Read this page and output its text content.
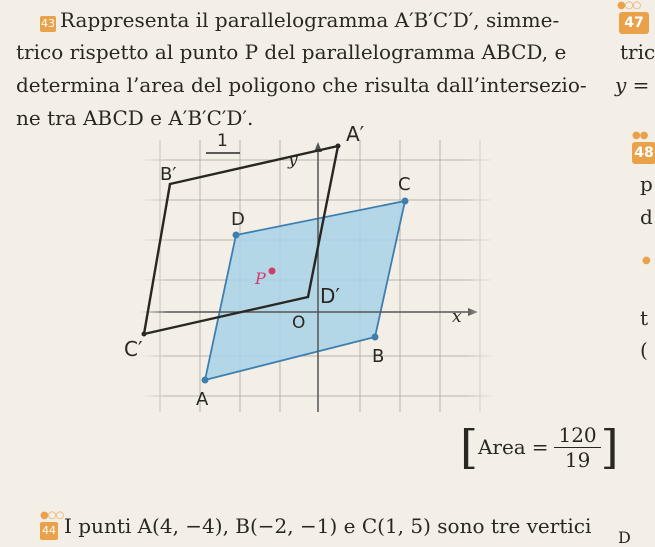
43 Rappresenta il parallelogramma A′B′C′D′, simme-
trico rispetto al punto P del parallelogramma ABCD, e
determina l’area del poligono che risulta dall’intersezio-
ne tra ABCD e A′B′C′D′.
●○○
47
tric
y =
●●
48
p
d
●
t
(
1
A
B
C
D
P
A′
B′
C′
D′
O	x
y
[ Area = $\frac{120}{19}$ ]
●○○
44 I punti A(4, −4), B(−2, −1) e C(1, 5) sono tre vertici D
